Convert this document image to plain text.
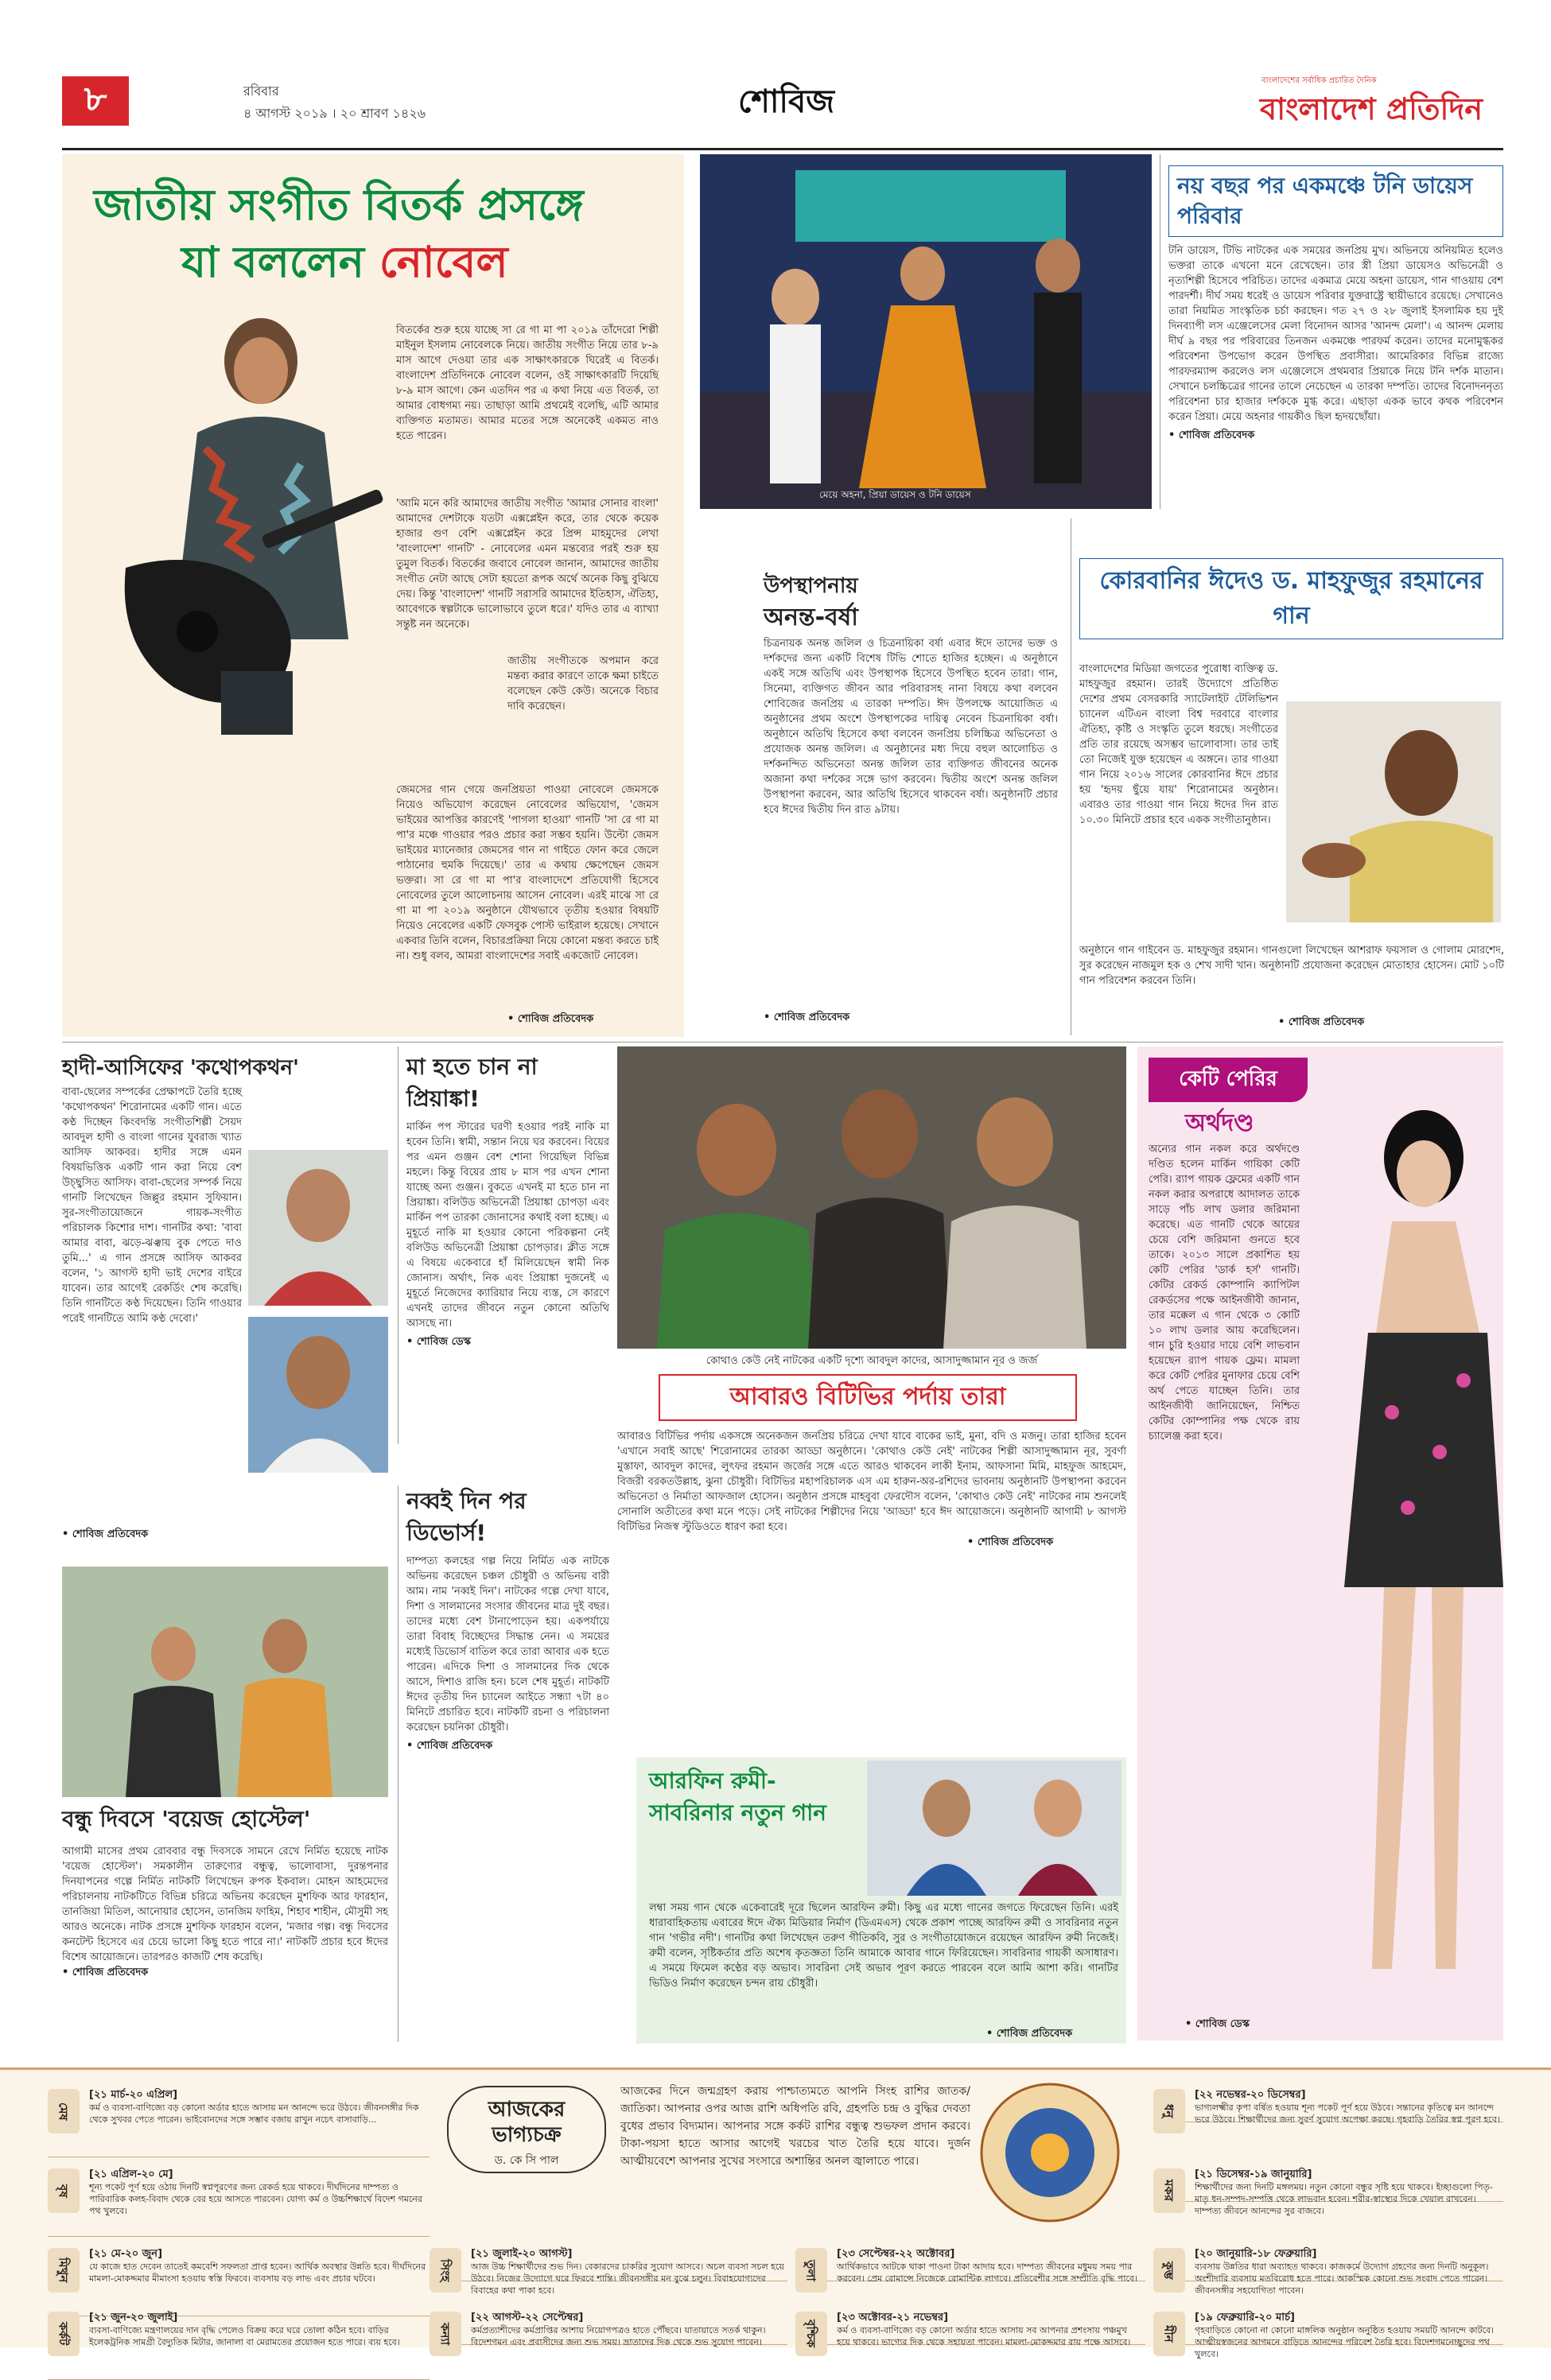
৮	রবিবার
৪ আগস্ট ২০১৯ । ২০ শ্রাবণ ১৪২৬	শোবিজ
বাংলাদেশের সর্বাধিক প্রচারিত দৈনিক
বাংলাদেশ প্রতিদিন
জাতীয় সংগীত বিতর্ক প্রসঙ্গে
যা বললেন নোবেল
বিতর্কের শুরু হয়ে যাচ্ছে সা রে গা মা পা ২০১৯ তাঁদেরো শিল্পী মাইনুল ইসলাম নোবেলকে নিয়ে। জাতীয় সংগীত নিয়ে তার ৮-৯ মাস আগে দেওয়া তার এক সাক্ষাৎকারকে ঘিরেই এ বিতর্ক। বাংলাদেশ প্রতিদিনকে নোবেল বলেন, ওই সাক্ষাৎকারটি দিয়েছি ৮-৯ মাস আগে। কেন এতদিন পর এ কথা নিয়ে এত বিতর্ক, তা আমার বোধগম্য নয়। তাছাড়া আমি প্রথমেই বলেছি, এটি আমার ব্যক্তিগত মতামত। আমার মতের সঙ্গে অনেকেই একমত নাও হতে পারেন।
'আমি মনে করি আমাদের জাতীয় সংগীত 'আমার সোনার বাংলা' আমাদের দেশটাকে যতটা এক্সপ্লেইন করে, তার থেকে কয়েক হাজার গুণ বেশি এক্সপ্লেইন করে প্রিন্স মাহমুদের লেখা 'বাংলাদেশ' গানটি' - নোবেলের এমন মন্তব্যের পরই শুরু হয় তুমুল বিতর্ক। বিতর্কের জবাবে নোবেল জানান, আমাদের জাতীয় সংগীত নেটা আছে সেটা হয়তো রূপক অর্থে অনেক কিছু বুঝিয়ে দেয়। কিন্তু 'বাংলাদেশ' গানটি সরাসরি আমাদের ইতিহাস, ঐতিহ্য, আবেগকে স্বল্পটাকে ভালোভাবে তুলে ধরে।' যদিও তার এ ব্যাখ্যা সন্তুষ্ট নন অনেকে।
জাতীয় সংগীতকে অপমান করে মন্তব্য করার কারণে তাকে ক্ষমা চাইতে বলেছেন কেউ কেউ। অনেকে বিচার দাবি করেছেন।
জেমসের গান গেয়ে জনপ্রিয়তা পাওয়া নোবেলে জেমসকে নিয়েও অভিযোগ করেছেন নোবেলের অভিযোগ, 'জেমস ভাইয়ের আপত্তির কারণেই 'পাগলা হাওয়া' গানটি 'সা রে গা মা পা'র মঞ্চে গাওয়ার পরও প্রচার করা সম্ভব হয়নি। উল্টো জেমস ভাইয়ের ম্যানেজার জেমসের গান না গাইতে ফোন করে জেলে পাঠানোর হুমকি দিয়েছে।' তার এ কথায় ক্ষেপেছেন জেমস ভক্তরা। সা রে গা মা পা'র বাংলাদেশে প্রতিযোগী হিসেবে নোবেলের তুলে আলোচনায় আসেন নোবেল। এরই মাঝে সা রে গা মা পা ২০১৯ অনুষ্ঠানে যৌথভাবে তৃতীয় হওয়ার বিষয়টি নিয়েও নেবেলের একটি ফেসবুক পোস্ট ভাইরাল হয়েছে। সেখানে একবার তিনি বলেন, বিচারপ্রক্রিয়া নিয়ে কোনো মন্তব্য করতে চাই না। শুধু বলব, আমরা বাংলাদেশের সবাই একজোট নোবেল।
• শোবিজ প্রতিবেদক
মেয়ে অহনা, প্রিয়া ডায়েস ও টনি ডায়েস
নয় বছর পর একমঞ্চে টনি ডায়েস পরিবার
টনি ডায়েস, টিভি নাটকের এক সময়ের জনপ্রিয় মুখ। অভিনয়ে অনিয়মিত হলেও ভক্তরা তাকে এখনো মনে রেখেছেন। তার স্ত্রী প্রিয়া ডায়েসও অভিনেত্রী ও নৃত্যশিল্পী হিসেবে পরিচিত। তাদের একমাত্র মেয়ে অহনা ডায়েস, গান গাওয়ায় বেশ পারদর্শী। দীর্ঘ সময় ধরেই ও ডায়েস পরিবার যুক্তরাষ্ট্রে স্থায়ীভাবে রয়েছে। সেখানেও তারা নিয়মিত সাংস্কৃতিক চর্চা করছেন। গত ২৭ ও ২৮ জুলাই ইসলামিক হয় দুই দিনব্যাপী লস এঞ্জেলেসের মেলা বিনোদন আসর 'আনন্দ মেলা'। এ আনন্দ মেলায় দীর্ঘ ৯ বছর পর পরিবারের তিনজন একমঞ্চে পারফর্ম করেন। তাদের মনোমুগ্ধকর পরিবেশনা উপভোগ করেন উপস্থিত প্রবাসীরা। আমেরিকার বিভিন্ন রাজ্যে পারফরম্যান্স করলেও লস এঞ্জেলেসে প্রথমবার প্রিয়াকে নিয়ে টনি দর্শক মাতান। সেখানে চলচ্চিত্রের গানের তালে নেচেছেন এ তারকা দম্পতি। তাদের বিনোদননৃত্য পরিবেশনা চার হাজার দর্শককে মুগ্ধ করে। এছাড়া একক ভাবে কথক পরিবেশন করেন প্রিয়া। মেয়ে অহনার গায়কীও ছিল হৃদয়ছোঁয়া।
• শোবিজ প্রতিবেদক
উপস্থাপনায়
অনন্ত-বর্ষা
চিত্রনায়ক অনন্ত জলিল ও চিত্রনায়িকা বর্ষা এবার ঈদে তাদের ভক্ত ও দর্শকদের জন্য একটি বিশেষ টিভি শোতে হাজির হচ্ছেন। এ অনুষ্ঠানে একই সঙ্গে অতিথি এবং উপস্থাপক হিসেবে উপস্থিত হবেন তারা। গান, সিনেমা, ব্যক্তিগত জীবন আর পরিবারসহ নানা বিষয়ে কথা বলবেন শোবিজের জনপ্রিয় এ তারকা দম্পতি। ঈদ উপলক্ষে আয়োজিত এ অনুষ্ঠানের প্রথম অংশে উপস্থাপকের দায়িত্ব নেবেন চিত্রনায়িকা বর্ষা। অনুষ্ঠানে অতিথি হিসেবে কথা বলবেন জনপ্রিয় চলিচ্চিত্র অভিনেতা ও প্রযোজক অনন্ত জলিল। এ অনুষ্ঠানের মধ্য দিয়ে বহুল আলোচিত ও দর্শকনন্দিত অভিনেতা অনন্ত জলিল তার ব্যক্তিগত জীবনের অনেক অজানা কথা দর্শকের সঙ্গে ভাগ করবেন। দ্বিতীয় অংশে অনন্ত জলিল উপস্থাপনা করবেন, আর অতিথি হিসেবে থাকবেন বর্ষা। অনুষ্ঠানটি প্রচার হবে ঈদের দ্বিতীয় দিন রাত ৯টায়।
• শোবিজ প্রতিবেদক
কোরবানির ঈদেও ড. মাহফুজুর রহমানের গান
বাংলাদেশের মিডিয়া জগতের পুরোধা ব্যক্তিত্ব ড. মাহফুজুর রহমান। তারই উদ্যোগে প্রতিষ্ঠিত দেশের প্রথম বেসরকারি স্যাটেলাইট টেলিভিশন চ্যানেল এটিএন বাংলা বিশ্ব দরবারে বাংলার ঐতিহ্য, কৃষ্টি ও সংস্কৃতি তুলে ধরছে। সংগীতের প্রতি তার রয়েছে অসম্ভব ভালোবাসা। তার তাই তো নিজেই যুক্ত হয়েছেন এ অঙ্গনে। তার গাওয়া গান নিয়ে ২০১৬ সালের কোরবানির ঈদে প্রচার হয় 'হৃদয় ছুঁয়ে যায়' শিরোনামের অনুষ্ঠান। এবারও তার গাওয়া গান নিয়ে ঈদের দিন রাত ১০.৩০ মিনিটে প্রচার হবে একক সংগীতানুষ্ঠান।
অনুষ্ঠানে গান গাইবেন ড. মাহফুজুর রহমান। গানগুলো লিখেছেন আশরাফ ফয়সাল ও গোলাম মোরশেদ, সুর করেছেন নাজমুল হক ও শেখ সাদী খান। অনুষ্ঠানটি প্রযোজনা করেছেন মোতাহার হোসেন। মোট ১০টি গান পরিবেশন করবেন তিনি।
• শোবিজ প্রতিবেদক
হাদী-আসিফের 'কথোপকথন'
বাবা-ছেলের সম্পর্কের প্রেক্ষাপটে তৈরি হচ্ছে 'কথোপকথন' শিরোনামের একটি গান। এতে কণ্ঠ দিচ্ছেন কিংবদন্তি সংগীতশিল্পী সৈয়দ আবদুল হাদী ও বাংলা গানের যুবরাজ খ্যাত আসিফ আকবর। হাদীর সঙ্গে এমন বিষয়ভিত্তিক একটি গান করা নিয়ে বেশ উচ্ছ্বসিত আসিফ। বাবা-ছেলের সম্পর্ক নিয়ে গানটি লিখেছেন জিল্লুর রহমান সুফিয়ান। সুর-সংগীতায়োজনে গায়ক-সংগীত পরিচালক কিশোর দাশ। গানটির কথা: 'বাবা আমার বাবা, ঝড়ে-ঝঞ্ঝায় বুক পেতে দাও তুমি...' এ গান প্রসঙ্গে আসিফ আকবর বলেন, '১ আগস্ট হাদী ভাই দেশের বাইরে যাবেন। তার আগেই রেকর্ডিং শেষ করেছি। তিনি গানটিতে কণ্ঠ দিয়েছেন। তিনি গাওয়ার পরেই গানটিতে আমি কণ্ঠ দেবো।'
• শোবিজ প্রতিবেদক
মা হতে চান না প্রিয়াঙ্কা!
মার্কিন পপ স্টারের ঘরণী হওয়ার পরই নাকি মা হবেন তিনি। স্বামী, সন্তান নিয়ে ঘর করবেন। বিয়ের পর এমন গুঞ্জন বেশ শোনা গিয়েছিল বিভিন্ন মহলে। কিন্তু বিয়ের প্রায় ৮ মাস পর এখন শোনা যাচ্ছে অন্য গুঞ্জন। বুকতে এখনই মা হতে চান না প্রিয়াঙ্কা। বলিউড অভিনেত্রী প্রিয়াঙ্কা চোপড়া এবং মার্কিন পপ তারকা জোনাসের কথাই বলা হচ্ছে। এ মুহূর্তে নাকি মা হওয়ার কোনো পরিকল্পনা নেই বলিউড অভিনেত্রী প্রিয়াঙ্কা চোপড়ার। ক্লীত সঙ্গে এ বিষয়ে একেবারে হাঁ মিলিয়েছেন স্বামী নিক জোনাস। অর্থাৎ, নিক এবং প্রিয়াঙ্কা দুজনেই এ মুহূর্তে নিজেদের ক্যারিয়ার নিয়ে ব্যস্ত, সে কারণে এখনই তাদের জীবনে নতুন কোনো অতিথি আসছে না।
• শোবিজ ডেস্ক
নব্বই দিন পর ডিভোর্স!
দাম্পত্য কলহের গল্প নিয়ে নির্মিত এক নাটকে অভিনয় করেছেন চঞ্চল চৌধুরী ও অভিনয় বারী আম। নাম 'নব্বই দিন'। নাটকের গল্পে দেখা যাবে, দিশা ও সালমানের সংসার জীবনের মাত্র দুই বছর। তাদের মধ্যে বেশ টানাপোড়েন হয়। একপর্যায়ে তারা বিবাহ বিচ্ছেদের সিদ্ধান্ত নেন। এ সময়ের মধ্যেই ডিভোর্স বাতিল করে তারা আবার এক হতে পারেন। এদিকে দিশা ও সালমানের দিক থেকে আসে, দিশাও রাজি হন। চলে শেষ মুহূর্ত। নাটকটি ঈদের তৃতীয় দিন চ্যানেল আইতে সন্ধ্যা ৭টা ৪০ মিনিটে প্রচারিত হবে। নাটকটি রচনা ও পরিচালনা করেছেন চয়নিকা চৌধুরী।
• শোবিজ প্রতিবেদক
বন্ধু দিবসে 'বয়েজ হোস্টেল'
আগামী মাসের প্রথম রোববার বন্ধু দিবসকে সামনে রেখে নির্মিত হয়েছে নাটক 'বয়েজ হোস্টেল'। সমকালীন তারুণ্যের বন্ধুত্ব, ভালোবাসা, দুরন্তপনার দিনযাপনের গল্পে নির্মিত নাটকটি লিখেছেন রুপক ইকবাল। মোহন আহমেদের পরিচালনায় নাটকটিতে বিভিন্ন চরিত্রে অভিনয় করেছেন মুশফিক আর ফারহান, তানজিয়া মিতিল, আনোয়ার হোসেন, তানজিম ফাহিম, শিহাব শাহীন, মৌসুমী সহ আরও অনেকে। নাটক প্রসঙ্গে মুশফিক ফারহান বলেন, 'মজার গল্প। বন্ধু দিবসের কনটেন্ট হিসেবে এর চেয়ে ভালো কিছু হতে পারে না।' নাটকটি প্রচার হবে ঈদের বিশেষ আয়োজনে। তারপরও কাজটি শেষ করেছি।
• শোবিজ প্রতিবেদক
কোথাও কেউ নেই নাটকের একটি দৃশ্যে আবদুল কাদের, আসাদুজ্জামান নূর ও জর্জ
আবারও বিটিভির পর্দায় তারা
আবারও বিটিভির পর্দায় একসঙ্গে অনেকজন জনপ্রিয় চরিত্রে দেখা যাবে বাকের ভাই, মুনা, বদি ও মজনু। তারা হাজির হবেন 'এখানে সবাই আছে' শিরোনামের তারকা আড্ডা অনুষ্ঠানে। 'কোথাও কেউ নেই' নাটকের শিল্পী আসাদুজ্জামান নূর, সুবর্ণা মুস্তাফা, আবদুল কাদের, লুৎফর রহমান জর্জের সঙ্গে এতে আরও থাকবেন লাকী ইনাম, আফসানা মিমি, মাহফুজ আহমেদ, বিজরী বরকতউল্লাহ, ঝুনা চৌধুরী। বিটিভির মহাপরিচালক এস এম হারুন-অর-রশিদের ভাবনায় অনুষ্ঠানটি উপস্থাপনা করবেন অভিনেতা ও নির্মাতা আফজাল হোসেন। অনুষ্ঠান প্রসঙ্গে মাহবুবা ফেরদৌস বলেন, 'কোথাও কেউ নেই' নাটকের নাম শুনলেই সোনালি অতীতের কথা মনে পড়ে। সেই নাটকের শিল্পীদের নিয়ে 'আড্ডা' হবে ঈদ আয়োজনে। অনুষ্ঠানটি আগামী ৮ আগস্ট বিটিভির নিজস্ব স্টুডিওতে ধারণ করা হবে।
• শোবিজ প্রতিবেদক
আরফিন রুমী-সাবরিনার নতুন গান
লম্বা সময় গান থেকে একেবারেই দূরে ছিলেন আরফিন রুমী। কিছু এর মধ্যে গানের জগতে ফিরেছেন তিনি। এরই ধারাবাহিকতায় এবারের ঈদে ঐক্য মিডিয়ার নির্মাণ (ডিএমএস) থেকে প্রকাশ পাচ্ছে আরফিন রুমী ও সাবরিনার নতুন গান 'গভীর নদী'। গানটির কথা লিখেছেন তরুণ গীতিকবি, সুর ও সংগীতায়োজনে রয়েছেন আরফিন রুমী নিজেই। রুমী বলেন, সৃষ্টিকর্তার প্রতি অশেষ কৃতজ্ঞতা তিনি আমাকে আবার গানে ফিরিয়েছেন। সাবরিনার গায়কী অসাধারণ। এ সময়ে ফিমেল কণ্ঠের বড় অভাব। সাবরিনা সেই অভাব পূরণ করতে পারবেন বলে আমি আশা করি। গানটির ভিডিও নির্মাণ করেছেন চন্দন রায় চৌধুরী।
• শোবিজ প্রতিবেদক
কেটি পেরির
অর্থদণ্ড
অন্যের গান নকল করে অর্থদণ্ডে দণ্ডিত হলেন মার্কিন গায়িকা কেটি পেরি। র‍্যাপ গায়ক ফ্লেমের একটি গান নকল করার অপরাধে আদালত তাকে সাড়ে পাঁচ লাখ ডলার জরিমানা করেছে। এত গানটি থেকে আয়ের চেয়ে বেশি জরিমানা গুনতে হবে তাকে। ২০১৩ সালে প্রকাশিত হয় কেটি পেরির 'ডার্ক হর্স' গানটি। কেটির রেকর্ড কোম্পানি ক্যাপিটল রেকর্ডসের পক্ষে আইনজীবী জানান, তার মক্কেল এ গান থেকে ৩ কোটি ১০ লাখ ডলার আয় করেছিলেন। গান চুরি হওয়ার দায়ে বেশি লাভবান হয়েছেন র‍্যাপ গায়ক ফ্লেম। মামলা করে কেটি পেরির মুনাফার চেয়ে বেশি অর্থ পেতে যাচ্ছেন তিনি। তার আইনজীবী জানিয়েছেন, নিশ্চিত কেটির কোম্পানির পক্ষ থেকে রায় চ্যালেঞ্জ করা হবে।
• শোবিজ ডেস্ক
আজকের ভাগ্যচক্র
ড. কে সি পাল
আজকের দিনে জন্মগ্রহণ করায় পাশ্চাত্যমতে আপনি সিংহ রাশির জাতক/জাতিকা। আপনার ওপর আজ রাশি অধিপতি রবি, গ্রহপতি চন্দ্র ও বুদ্ধির দেবতা বুধের প্রভাব বিদ্যমান। আপনার সঙ্গে কর্কট রাশির বন্ধুত্ব শুভফল প্রদান করবে। টাকা-পয়সা হাতে আসার আগেই খরচের খাত তৈরি হয়ে যাবে। দুর্জন আত্মীয়বেশে আপনার সুখের সংসারে অশান্তির অনল জ্বালাতে পারে।
মেষ
[২১ মার্চ-২০ এপ্রিল]
কর্ম ও ব্যবসা-বাণিজ্যে বড় কোনো অর্ডার হাতে আসায় মন আনন্দে ভরে উঠবে। জীবনসঙ্গীর দিক থেকে সুখবর পেতে পারেন। ভাইবোনদের সঙ্গে সম্ভাব বজায় রাখুন নচেৎ বাসাবাড়ি...
বৃষ
[২১ এপ্রিল-২০ মে]
শূন্য পকেট পূর্ণ হয়ে ওঠায় দিনটি স্বপ্নপূরণের জন্য রেকর্ড হয়ে থাকবে। দীর্ঘদিনের দাম্পত্য ও পারিবারিক কলহ-বিবাদ থেকে বের হয়ে আসতে পারবেন। যোগ্য কর্ম ও উচ্চশিক্ষার্থে বিদেশ গমনের পথ খুলবে।
মিথুন
[২১ মে-২০ জুন]
যে কাজে হাত দেবেন তাতেই কমবেশি সফলতা প্রাপ্ত হবেন। আর্থিক অবস্থার উন্নতি হবে। দীর্ঘদিনের মামলা-মোকদ্দমার মীমাংসা হওয়ায় স্বস্তি ফিরবে। ব্যবসায় বড় লাভ এবং প্রচার ঘটবে।
কর্কট
[২১ জুন-২০ জুলাই]
ব্যবসা-বাণিজ্যে মন্ত্রণালয়ের দান বৃদ্ধি পেলেও বিক্রয় করে ঘরে তোলা কঠিন হবে। বাড়ির ইলেকট্রনিক সামগ্রী বৈদ্যুতিক মিটার, জানালা বা মেরামতের প্রয়োজন হতে পারে। ব্যয় হবে।
সিংহ
[২১ জুলাই-২০ আগস্ট]
আজ উচ্চ শিক্ষার্থীদের শুভ দিন। বেকারদের চাকরির সুযোগ আসবে। অচল ব্যবসা সচল হয়ে উঠবে। নিজের উদ্যোগে ঘরে ফিরবে শান্তি। জীবনসঙ্গীর মন বুঝে চলুন। বিবাহযোগ্যদের বিবাহের কথা পাকা হবে।
কন্যা
[২২ আগস্ট-২২ সেপ্টেম্বর]
কর্মপ্রত্যাশীদের কর্মপ্রাপ্তির আশায় নিয়োগপত্রও হাতে পৌঁছবে। যাতায়াতে সতর্ক থাকুন। বিদেশগমন এবং প্রবাসীদের জন্য শুভ সময়। ভ্রাতাদের দিক থেকে শুভ সুযোগ পাবেন।
তুলা
[২৩ সেপ্টেম্বর-২২ অক্টোবর]
আর্থিকভাবে আটকে থাকা পাওনা টাকা আদায় হবে। দাম্পত্য জীবনের মধুময় সময় পার করবেন। প্রেম রোমান্সে নিজেকে রোমান্টিক লাগবে। প্রতিবেশীর সঙ্গে সম্প্রীতি বৃদ্ধি পাবে।
বৃশ্চিক
[২৩ অক্টোবর-২১ নভেম্বর]
কর্ম ও ব্যবসা-বাণিজ্যে বড় কোনো অর্ডার হাতে আসায় সব আপনার প্রশংসায় পঞ্চমুখ হয়ে থাকবে। ভাগ্যের দিক থেকে সহায়তা পাবেন। মামলা-মোকদ্দমার রায় পক্ষে আসবে।
ধনু
[২২ নভেম্বর-২০ ডিসেম্বর]
ভাগ্যলক্ষ্মীর কৃপা বর্ষিত হওয়ায় শূন্য পকেট পূর্ণ হয়ে উঠবে। সন্তানের কৃতিত্বে মন আনন্দে ভরে উঠবে। শিক্ষার্থীদের জন্য সুবর্ণ সুযোগ অপেক্ষা করছে। গৃহবাড়ি তৈরির স্বপ্ন পূরণ হবে।
মকর
[২১ ডিসেম্বর-১৯ জানুয়ারি]
শিক্ষার্থীদের জন্য দিনটি মঙ্গলময়। নতুন কোনো বন্ধুর সৃষ্টি হয়ে থাকবে। ইচ্ছাগুলো পিতৃ-মাতৃ ধন-সম্পদ-সম্পত্তি থেকে লাভবান হবেন। শরীর-স্বাস্থ্যের দিকে খেয়াল রাখবেন। দাম্পত্য জীবনে আনন্দের সুর বাজবে।
কুম্ভ
[২০ জানুয়ারি-১৮ ফেব্রুয়ারি]
ব্যবসায় উন্নতির ধারা অব্যাহত থাকবে। কাজকর্মে উদ্যোগ গ্রহণের জন্য দিনটি অনুকূল। অংশীদারি ব্যবসায় মতবিরোধ হতে পারে। আকস্মিক কোনো শুভ সংবাদ পেতে পারেন। জীবনসঙ্গীর সহযোগিতা পাবেন।
মীন
[১৯ ফেব্রুয়ারি-২০ মার্চ]
গৃহবাড়িতে কোনো না কোনো মাঙ্গলিক অনুষ্ঠান অনুষ্ঠিত হওয়ায় সময়টি আনন্দে কাটবে। আত্মীয়স্বজনের আগমনে বাড়িতে আনন্দের পরিবেশ তৈরি হবে। বিদেশগমনেচ্ছুদের পথ খুলবে।
